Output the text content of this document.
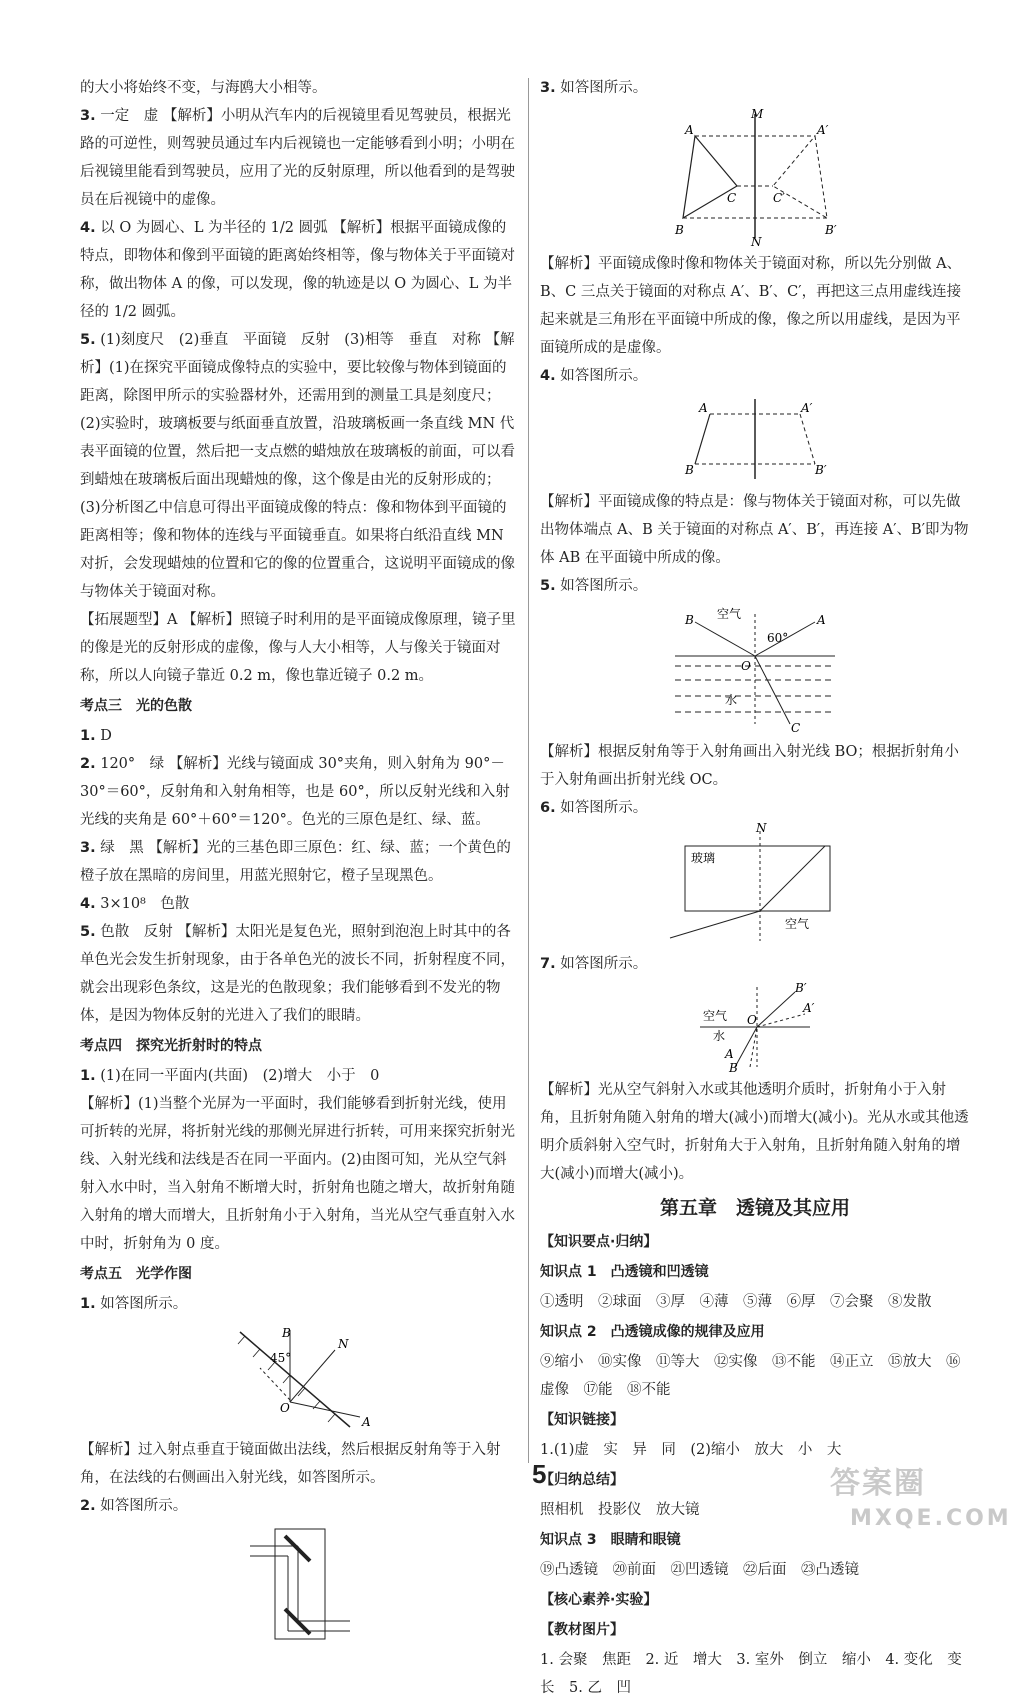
的大小将始终不变，与海鸥大小相等。

3. 一定　虚 【解析】小明从汽车内的后视镜里看见驾驶员，根据光路的可逆性，则驾驶员通过车内后视镜也一定能够看到小明；小明在后视镜里能看到驾驶员，应用了光的反射原理，所以他看到的是驾驶员在后视镜中的虚像。

4. 以 O 为圆心、L 为半径的 1/2 圆弧 【解析】根据平面镜成像的特点，即物体和像到平面镜的距离始终相等，像与物体关于平面镜对称，做出物体 A 的像，可以发现，像的轨迹是以 O 为圆心、L 为半径的 1/2 圆弧。

5. (1)刻度尺　(2)垂直　平面镜　反射　(3)相等　垂直　对称 【解析】(1)在探究平面镜成像特点的实验中，要比较像与物体到镜面的距离，除图甲所示的实验器材外，还需用到的测量工具是刻度尺；(2)实验时，玻璃板要与纸面垂直放置，沿玻璃板画一条直线 MN 代表平面镜的位置，然后把一支点燃的蜡烛放在玻璃板的前面，可以看到蜡烛在玻璃板后面出现蜡烛的像，这个像是由光的反射形成的；(3)分析图乙中信息可得出平面镜成像的特点：像和物体到平面镜的距离相等；像和物体的连线与平面镜垂直。如果将白纸沿直线 MN 对折，会发现蜡烛的位置和它的像的位置重合，这说明平面镜成的像与物体关于镜面对称。

【拓展题型】A 【解析】照镜子时利用的是平面镜成像原理，镜子里的像是光的反射形成的虚像，像与人大小相等，人与像关于镜面对称，所以人向镜子靠近 0.2 m，像也靠近镜子 0.2 m。

考点三　光的色散

1. D

2. 120°　绿 【解析】光线与镜面成 30°夹角，则入射角为 90°－30°＝60°，反射角和入射角相等，也是 60°，所以反射光线和入射光线的夹角是 60°＋60°＝120°。色光的三原色是红、绿、蓝。

3. 绿　黑 【解析】光的三基色即三原色：红、绿、蓝；一个黄色的橙子放在黑暗的房间里，用蓝光照射它，橙子呈现黑色。

4. 3×10⁸　色散

5. 色散　反射 【解析】太阳光是复色光，照射到泡泡上时其中的各单色光会发生折射现象，由于各单色光的波长不同，折射程度不同，就会出现彩色条纹，这是光的色散现象；我们能够看到不发光的物体，是因为物体反射的光进入了我们的眼睛。

考点四　探究光折射时的特点

1. (1)在同一平面内(共面)　(2)增大　小于　0

【解析】(1)当整个光屏为一平面时，我们能够看到折射光线，使用可折转的光屏，将折射光线的那侧光屏进行折转，可用来探究折射光线、入射光线和法线是否在同一平面内。(2)由图可知，光从空气斜射入水中时，当入射角不断增大时，折射角也随之增大，故折射角随入射角的增大而增大，且折射角小于入射角，当光从空气垂直射入水中时，折射角为 0 度。

考点五　光学作图

1. 如答图所示。

B
N
45°
O
A

【解析】过入射点垂直于镜面做出法线，然后根据反射角等于入射角，在法线的右侧画出入射光线，如答图所示。

2. 如答图所示。

3. 如答图所示。

M
A	A′
C	C′
B	B′
N

【解析】平面镜成像时像和物体关于镜面对称，所以先分别做 A、B、C 三点关于镜面的对称点 A′、B′、C′，再把这三点用虚线连接起来就是三角形在平面镜中所成的像，像之所以用虚线，是因为平面镜所成的是虚像。

4. 如答图所示。

A	A′
B	B′

【解析】平面镜成像的特点是：像与物体关于镜面对称，可以先做出物体端点 A、B 关于镜面的对称点 A′、B′，再连接 A′、B′即为物体 AB 在平面镜中所成的像。

5. 如答图所示。

B 空气
60°
A
O
水
C

【解析】根据反射角等于入射角画出入射光线 BO；根据折射角小于入射角画出折射光线 OC。

6. 如答图所示。

N
玻璃
空气

7. 如答图所示。

B′
空气 O
A′
水
A
B

【解析】光从空气斜射入水或其他透明介质时，折射角小于入射角，且折射角随入射角的增大(减小)而增大(减小)。光从水或其他透明介质斜射入空气时，折射角大于入射角，且折射角随入射角的增大(减小)而增大(减小)。

第五章　透镜及其应用
【知识要点·归纳】
知识点 1　凸透镜和凹透镜

①透明　②球面　③厚　④薄　⑤薄　⑥厚　⑦会聚　⑧发散

知识点 2　凸透镜成像的规律及应用

⑨缩小　⑩实像　⑪等大　⑫实像　⑬不能　⑭正立　⑮放大　⑯虚像　⑰能　⑱不能

【知识链接】

1.(1)虚　实　异　同　(2)缩小　放大　小　大

【归纳总结】

照相机　投影仪　放大镜

知识点 3　眼睛和眼镜

⑲凸透镜　⑳前面　㉑凹透镜　㉒后面　㉓凸透镜

【核心素养·实验】
【教材图片】

1. 会聚　焦距　2. 近　增大　3. 室外　倒立　缩小　4. 变化　变长　5. 乙　凹

5	答案圈
MXQE.COM
